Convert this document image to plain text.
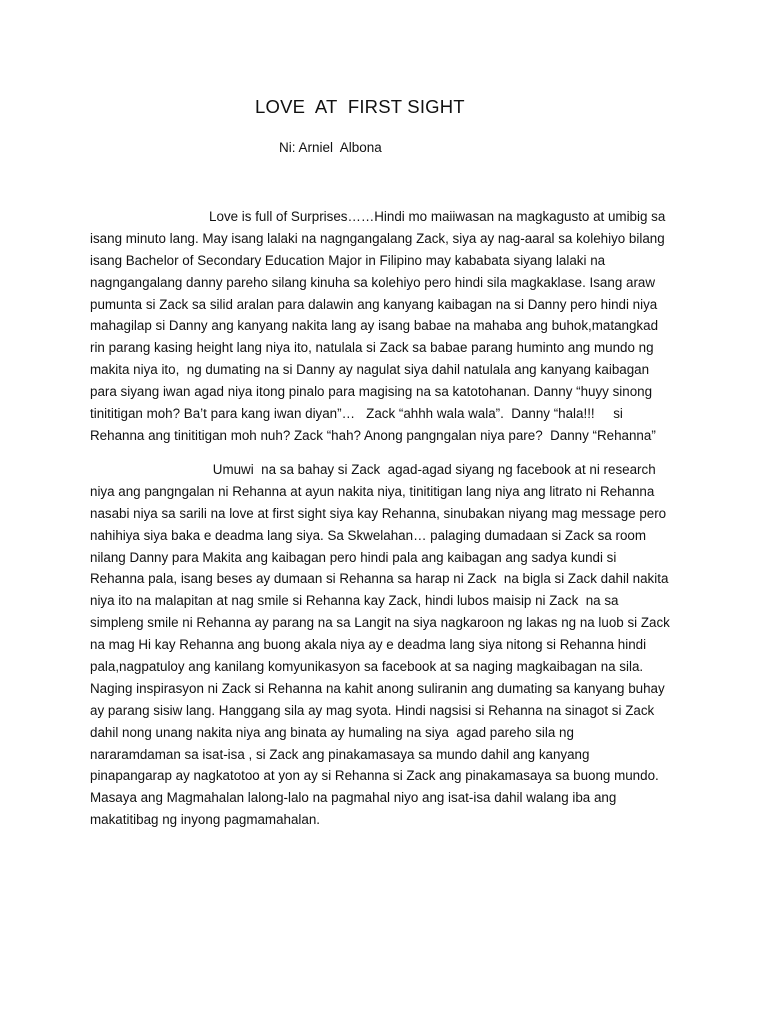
LOVE  AT  FIRST SIGHT
Ni: Arniel  Albona
Love is full of Surprises……Hindi mo maiiwasan na magkagusto at umibig sa
isang minuto lang. May isang lalaki na nagngangalang Zack, siya ay nag-aaral sa kolehiyo bilang
isang Bachelor of Secondary Education Major in Filipino may kababata siyang lalaki na
nagngangalang danny pareho silang kinuha sa kolehiyo pero hindi sila magkaklase. Isang araw
pumunta si Zack sa silid aralan para dalawin ang kanyang kaibagan na si Danny pero hindi niya
mahagilap si Danny ang kanyang nakita lang ay isang babae na mahaba ang buhok,matangkad
rin parang kasing height lang niya ito, natulala si Zack sa babae parang huminto ang mundo ng
makita niya ito,  ng dumating na si Danny ay nagulat siya dahil natulala ang kanyang kaibagan
para siyang iwan agad niya itong pinalo para magising na sa katotohanan. Danny “huyy sinong
tinititigan moh? Ba’t para kang iwan diyan”…   Zack “ahhh wala wala”.  Danny “hala!!!     si
Rehanna ang tinititigan moh nuh? Zack “hah? Anong pangngalan niya pare?  Danny “Rehanna”
Umuwi  na sa bahay si Zack  agad-agad siyang ng facebook at ni research
niya ang pangngalan ni Rehanna at ayun nakita niya, tinititigan lang niya ang litrato ni Rehanna
nasabi niya sa sarili na love at first sight siya kay Rehanna, sinubakan niyang mag message pero
nahihiya siya baka e deadma lang siya. Sa Skwelahan… palaging dumadaan si Zack sa room
nilang Danny para Makita ang kaibagan pero hindi pala ang kaibagan ang sadya kundi si
Rehanna pala, isang beses ay dumaan si Rehanna sa harap ni Zack  na bigla si Zack dahil nakita
niya ito na malapitan at nag smile si Rehanna kay Zack, hindi lubos maisip ni Zack  na sa
simpleng smile ni Rehanna ay parang na sa Langit na siya nagkaroon ng lakas ng na luob si Zack
na mag Hi kay Rehanna ang buong akala niya ay e deadma lang siya nitong si Rehanna hindi
pala,nagpatuloy ang kanilang komyunikasyon sa facebook at sa naging magkaibagan na sila.
Naging inspirasyon ni Zack si Rehanna na kahit anong suliranin ang dumating sa kanyang buhay
ay parang sisiw lang. Hanggang sila ay mag syota. Hindi nagsisi si Rehanna na sinagot si Zack
dahil nong unang nakita niya ang binata ay humaling na siya  agad pareho sila ng
nararamdaman sa isat-isa , si Zack ang pinakamasaya sa mundo dahil ang kanyang
pinapangarap ay nagkatotoo at yon ay si Rehanna si Zack ang pinakamasaya sa buong mundo.
Masaya ang Magmahalan lalong-lalo na pagmahal niyo ang isat-isa dahil walang iba ang
makatitibag ng inyong pagmamahalan.
